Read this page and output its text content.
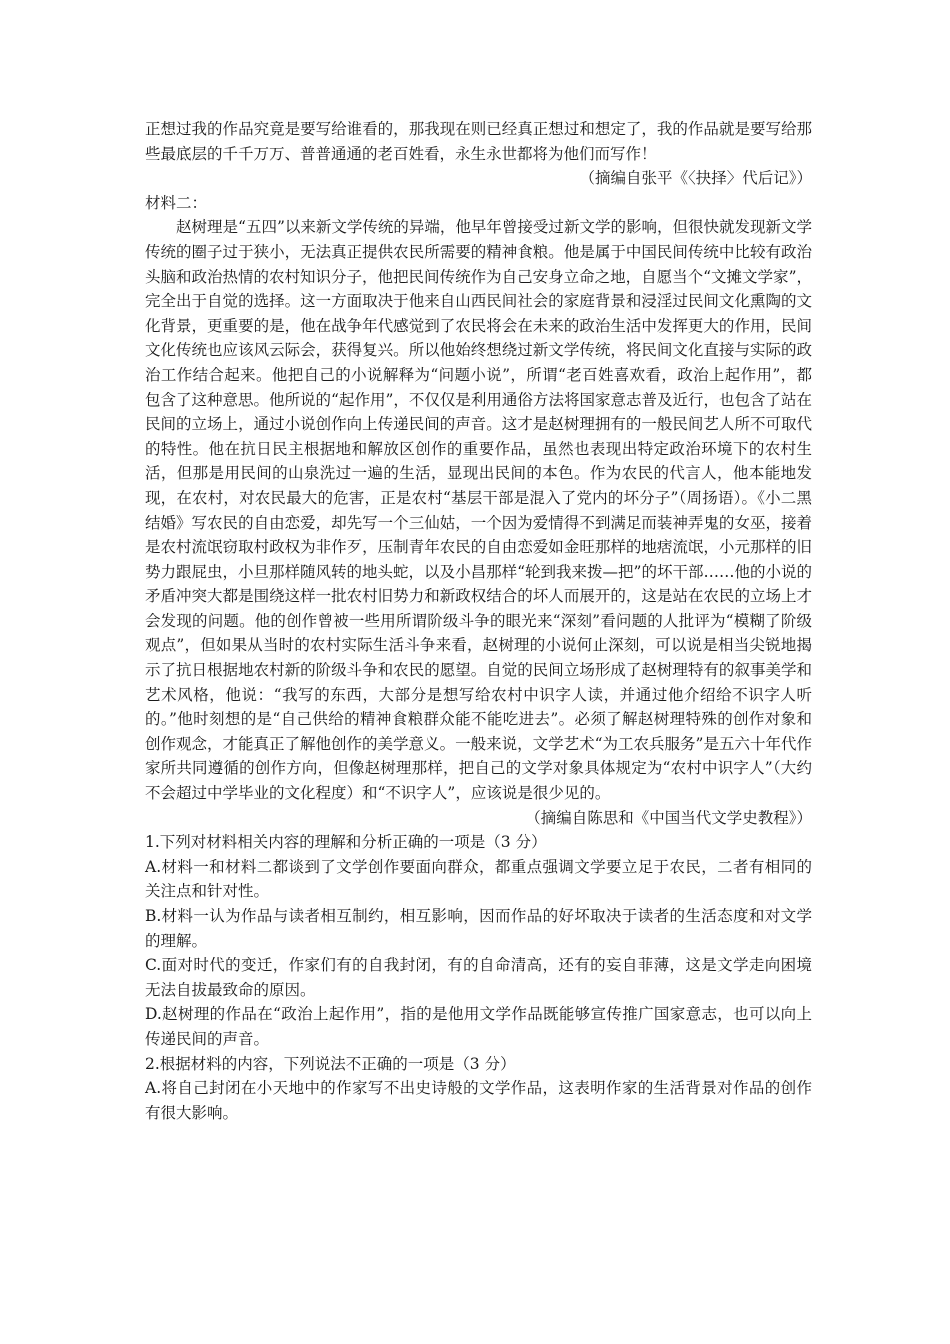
正想过我的作品究竟是要写给谁看的，那我现在则已经真正想过和想定了，我的作品就是要写给那些最底层的千千万万、普普通通的老百姓看，永生永世都将为他们而写作！

（摘编自张平《〈抉择〉代后记》）

材料二：

赵树理是“五四”以来新文学传统的异端，他早年曾接受过新文学的影响，但很快就发现新文学传统的圈子过于狭小，无法真正提供农民所需要的精神食粮。他是属于中国民间传统中比较有政治头脑和政治热情的农村知识分子，他把民间传统作为自己安身立命之地，自愿当个“文摊文学家”，完全出于自觉的选择。这一方面取决于他来自山西民间社会的家庭背景和浸淫过民间文化熏陶的文化背景，更重要的是，他在战争年代感觉到了农民将会在未来的政治生活中发挥更大的作用，民间文化传统也应该风云际会，获得复兴。所以他始终想绕过新文学传统，将民间文化直接与实际的政治工作结合起来。他把自己的小说解释为“问题小说”，所谓“老百姓喜欢看，政治上起作用”，都包含了这种意思。他所说的“起作用”，不仅仅是利用通俗方法将国家意志普及近行，也包含了站在民间的立场上，通过小说创作向上传递民间的声音。这才是赵树理拥有的一般民间艺人所不可取代的特性。他在抗日民主根据地和解放区创作的重要作品，虽然也表现出特定政治环境下的农村生活，但那是用民间的山泉洗过一遍的生活，显现出民间的本色。作为农民的代言人，他本能地发现，在农村，对农民最大的危害，正是农村“基层干部是混入了党内的坏分子”（周扬语）。《小二黑结婚》写农民的自由恋爱，却先写一个三仙姑，一个因为爱情得不到满足而装神弄鬼的女巫，接着是农村流氓窃取村政权为非作歹，压制青年农民的自由恋爱如金旺那样的地痞流氓，小元那样的旧势力跟屁虫，小旦那样随风转的地头蛇，以及小昌那样“轮到我来拨—把”的坏干部……他的小说的矛盾冲突大都是围绕这样一批农村旧势力和新政权结合的坏人而展开的，这是站在农民的立场上才会发现的问题。他的创作曾被一些用所谓阶级斗争的眼光来“深刻”看问题的人批评为“模糊了阶级观点”，但如果从当时的农村实际生活斗争来看，赵树理的小说何止深刻，可以说是相当尖锐地揭示了抗日根据地农村新的阶级斗争和农民的愿望。自觉的民间立场形成了赵树理特有的叙事美学和艺术风格，他说：“我写的东西，大部分是想写给农村中识字人读，并通过他介绍给不识字人听的。”他时刻想的是“自己供给的精神食粮群众能不能吃进去”。必须了解赵树理特殊的创作对象和创作观念，才能真正了解他创作的美学意义。一般来说，文学艺术“为工农兵服务”是五六十年代作家所共同遵循的创作方向，但像赵树理那样，把自己的文学对象具体规定为“农村中识字人”（大约不会超过中学毕业的文化程度）和“不识字人”，应该说是很少见的。

（摘编自陈思和《中国当代文学史教程》）

1.下列对材料相关内容的理解和分析正确的一项是（3 分）

A.材料一和材料二都谈到了文学创作要面向群众，都重点强调文学要立足于农民，二者有相同的关注点和针对性。

B.材料一认为作品与读者相互制约，相互影响，因而作品的好坏取决于读者的生活态度和对文学的理解。

C.面对时代的变迁，作家们有的自我封闭，有的自命清高，还有的妄自菲薄，这是文学走向困境无法自拔最致命的原因。

D.赵树理的作品在“政治上起作用”，指的是他用文学作品既能够宣传推广国家意志，也可以向上传递民间的声音。

2.根据材料的内容，下列说法不正确的一项是（3 分）

A.将自己封闭在小天地中的作家写不出史诗般的文学作品，这表明作家的生活背景对作品的创作有很大影响。
